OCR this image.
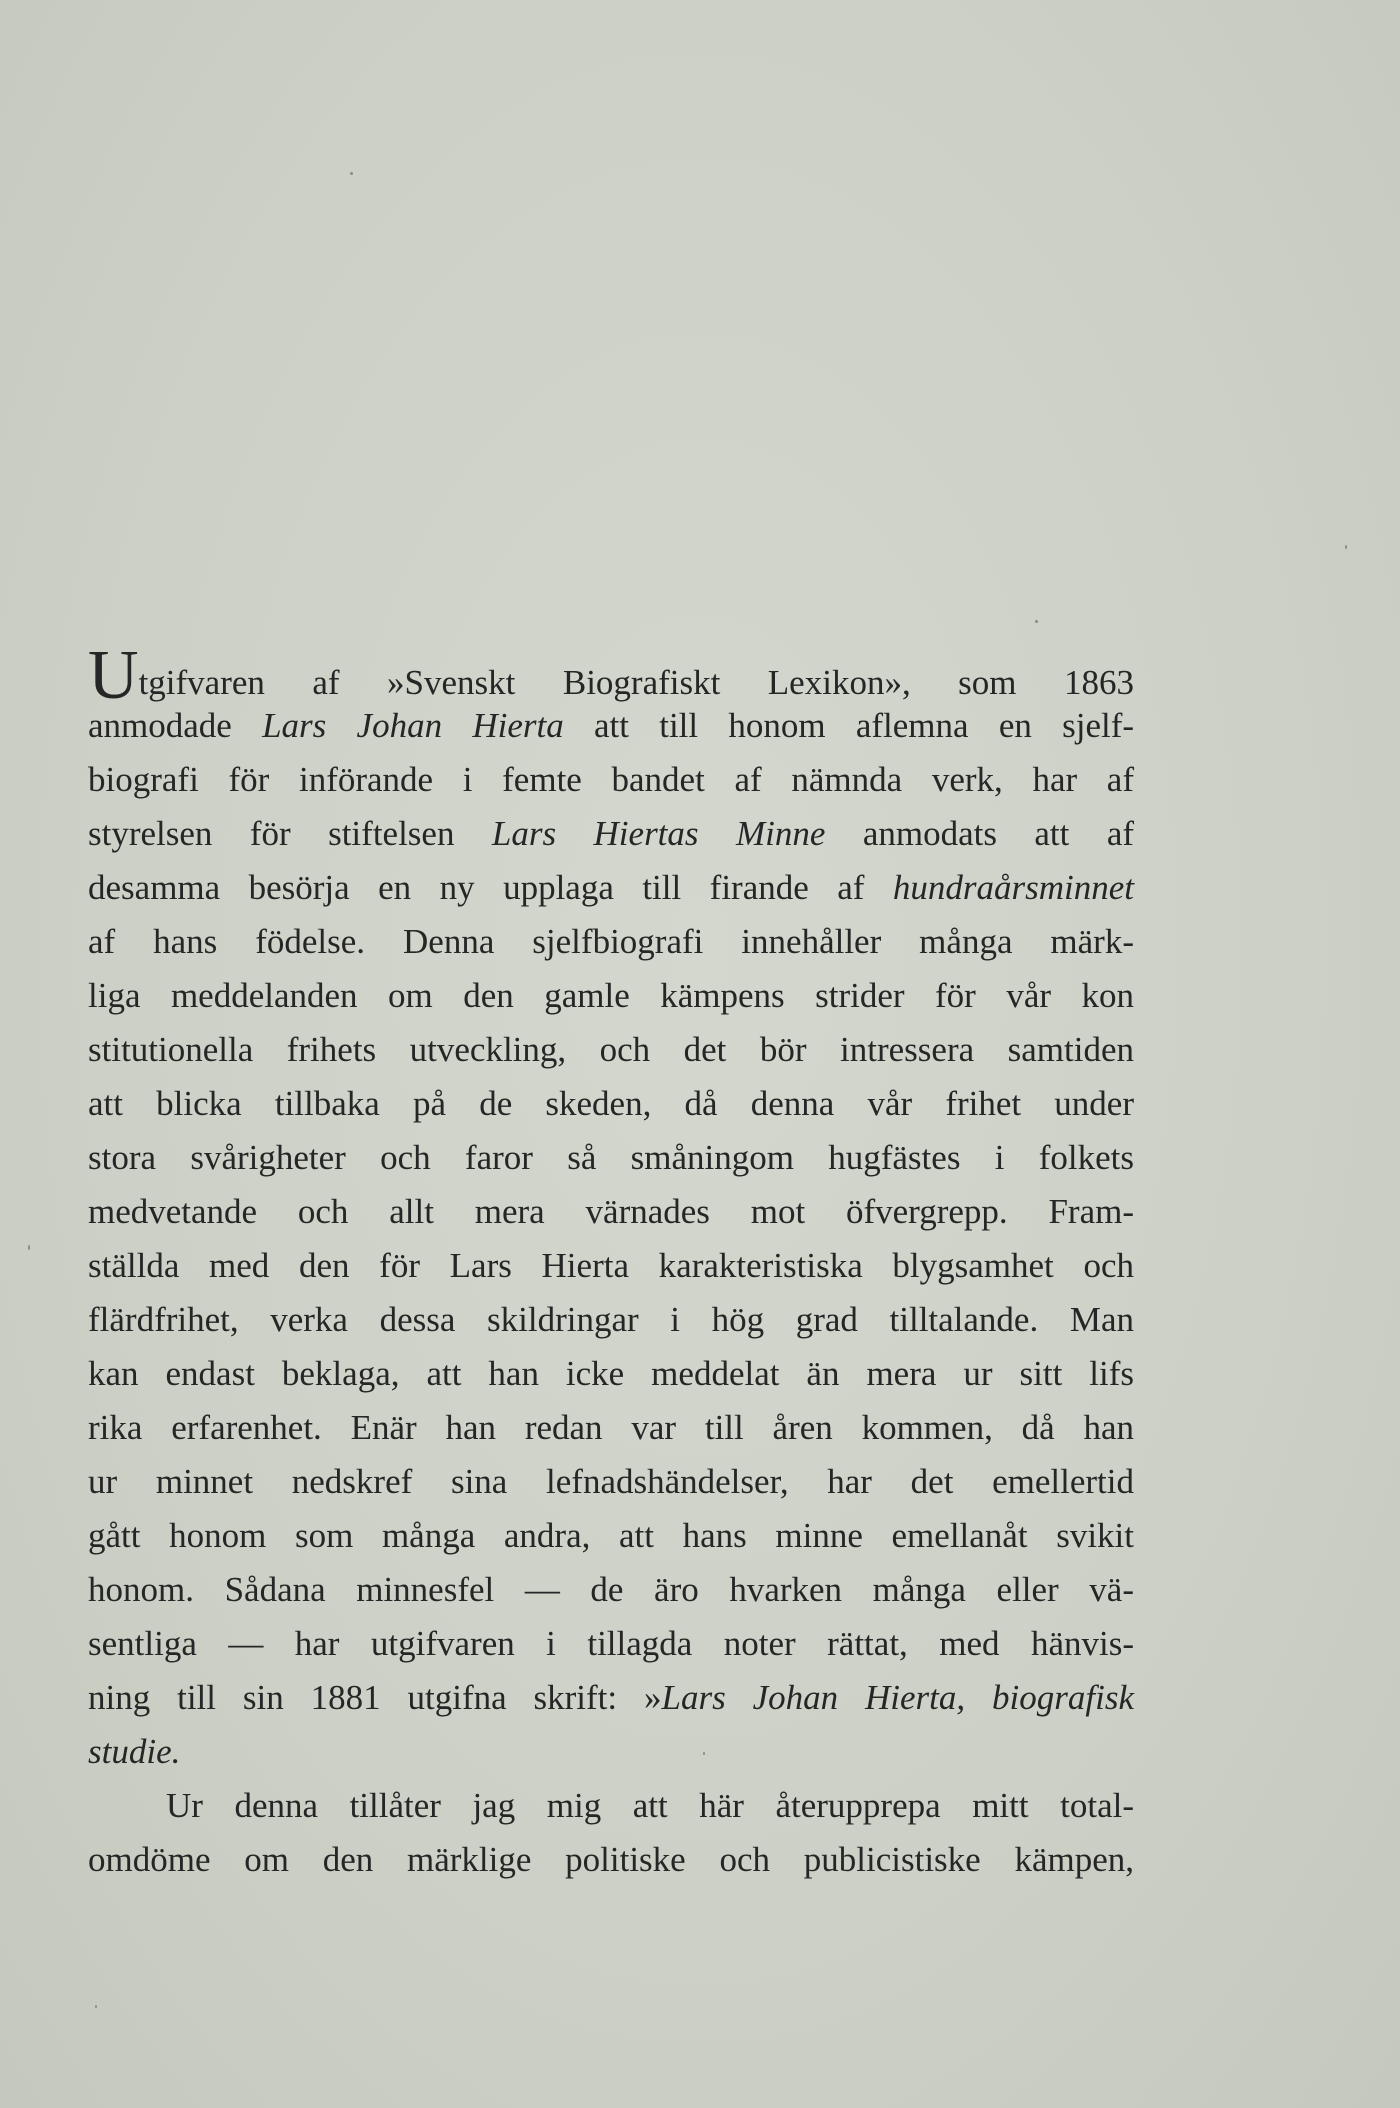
Utgifvaren af »Svenskt Biografiskt Lexikon», som 1863
anmodade Lars Johan Hierta att till honom aflemna en sjelf-
biografi för införande i femte bandet af nämnda verk, har af
styrelsen för stiftelsen Lars Hiertas Minne anmodats att af
desamma besörja en ny upplaga till firande af hundraårsminnet
af hans födelse. Denna sjelfbiografi innehåller många märk-
liga meddelanden om den gamle kämpens strider för vår kon
stitutionella frihets utveckling, och det bör intressera samtiden
att blicka tillbaka på de skeden, då denna vår frihet under
stora svårigheter och faror så småningom hugfästes i folkets
medvetande och allt mera värnades mot öfvergrepp. Fram-
ställda med den för Lars Hierta karakteristiska blygsamhet och
flärdfrihet, verka dessa skildringar i hög grad tilltalande. Man
kan endast beklaga, att han icke meddelat än mera ur sitt lifs
rika erfarenhet. Enär han redan var till åren kommen, då han
ur minnet nedskref sina lefnadshändelser, har det emellertid
gått honom som många andra, att hans minne emellanåt svikit
honom. Sådana minnesfel — de äro hvarken många eller vä-
sentliga — har utgifvaren i tillagda noter rättat, med hänvis-
ning till sin 1881 utgifna skrift: »Lars Johan Hierta, biografisk
studie.
Ur denna tillåter jag mig att här återupprepa mitt total-
omdöme om den märklige politiske och publicistiske kämpen,
